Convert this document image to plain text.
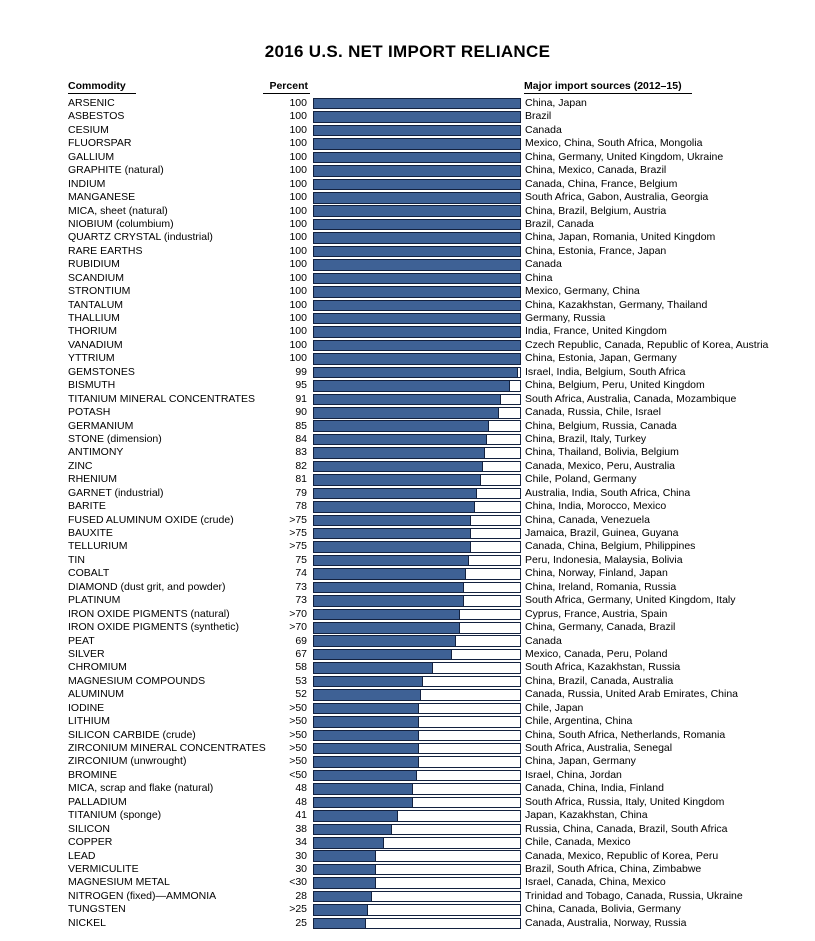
2016 U.S. NET IMPORT RELIANCE
Commodity	Percent	Major import sources (2012–15)
ARSENIC	100	China, Japan
ASBESTOS	100	Brazil
CESIUM	100	Canada
FLUORSPAR	100	Mexico, China, South Africa, Mongolia
GALLIUM	100	China, Germany, United Kingdom, Ukraine
GRAPHITE (natural)	100	China, Mexico, Canada, Brazil
INDIUM	100	Canada, China, France, Belgium
MANGANESE	100	South Africa, Gabon, Australia, Georgia
MICA, sheet (natural)	100	China, Brazil, Belgium, Austria
NIOBIUM (columbium)	100	Brazil, Canada
QUARTZ CRYSTAL (industrial)	100	China, Japan, Romania, United Kingdom
RARE EARTHS	100	China, Estonia, France, Japan
RUBIDIUM	100	Canada
SCANDIUM	100	China
STRONTIUM	100	Mexico, Germany, China
TANTALUM	100	China, Kazakhstan, Germany, Thailand
THALLIUM	100	Germany, Russia
THORIUM	100	India, France, United Kingdom
VANADIUM	100	Czech Republic, Canada, Republic of Korea, Austria
YTTRIUM	100	China, Estonia, Japan, Germany
GEMSTONES	99	Israel, India, Belgium, South Africa
BISMUTH	95	China, Belgium, Peru, United Kingdom
TITANIUM MINERAL CONCENTRATES	91	South Africa, Australia, Canada, Mozambique
POTASH	90	Canada, Russia, Chile, Israel
GERMANIUM	85	China, Belgium, Russia, Canada
STONE (dimension)	84	China, Brazil, Italy, Turkey
ANTIMONY	83	China, Thailand, Bolivia, Belgium
ZINC	82	Canada, Mexico, Peru, Australia
RHENIUM	81	Chile, Poland, Germany
GARNET (industrial)	79	Australia, India, South Africa, China
BARITE	78	China, India, Morocco, Mexico
FUSED ALUMINUM OXIDE (crude)	>75	China, Canada, Venezuela
BAUXITE	>75	Jamaica, Brazil, Guinea, Guyana
TELLURIUM	>75	Canada, China, Belgium, Philippines
TIN	75	Peru, Indonesia, Malaysia, Bolivia
COBALT	74	China, Norway, Finland, Japan
DIAMOND (dust grit, and powder)	73	China, Ireland, Romania, Russia
PLATINUM	73	South Africa, Germany, United Kingdom, Italy
IRON OXIDE PIGMENTS (natural)	>70	Cyprus, France, Austria, Spain
IRON OXIDE PIGMENTS (synthetic)	>70	China, Germany, Canada, Brazil
PEAT	69	Canada
SILVER	67	Mexico, Canada, Peru, Poland
CHROMIUM	58	South Africa, Kazakhstan, Russia
MAGNESIUM COMPOUNDS	53	China, Brazil, Canada, Australia
ALUMINUM	52	Canada, Russia, United Arab Emirates, China
IODINE	>50	Chile, Japan
LITHIUM	>50	Chile, Argentina, China
SILICON CARBIDE (crude)	>50	China, South Africa, Netherlands, Romania
ZIRCONIUM MINERAL CONCENTRATES >50	South Africa, Australia, Senegal
ZIRCONIUM (unwrought)	>50	China, Japan, Germany
BROMINE	<50	Israel, China, Jordan
MICA, scrap and flake (natural)	48	Canada, China, India, Finland
PALLADIUM	48	South Africa, Russia, Italy, United Kingdom
TITANIUM (sponge)	41	Japan, Kazakhstan, China
SILICON	38	Russia, China, Canada, Brazil, South Africa
COPPER	34	Chile, Canada, Mexico
LEAD	30	Canada, Mexico, Republic of Korea, Peru
VERMICULITE	30	Brazil, South Africa, China, Zimbabwe
MAGNESIUM METAL	<30	Israel, Canada, China, Mexico
NITROGEN (fixed)—AMMONIA	28	Trinidad and Tobago, Canada, Russia, Ukraine
TUNGSTEN	>25	China, Canada, Bolivia, Germany
NICKEL	25	Canada, Australia, Norway, Russia
